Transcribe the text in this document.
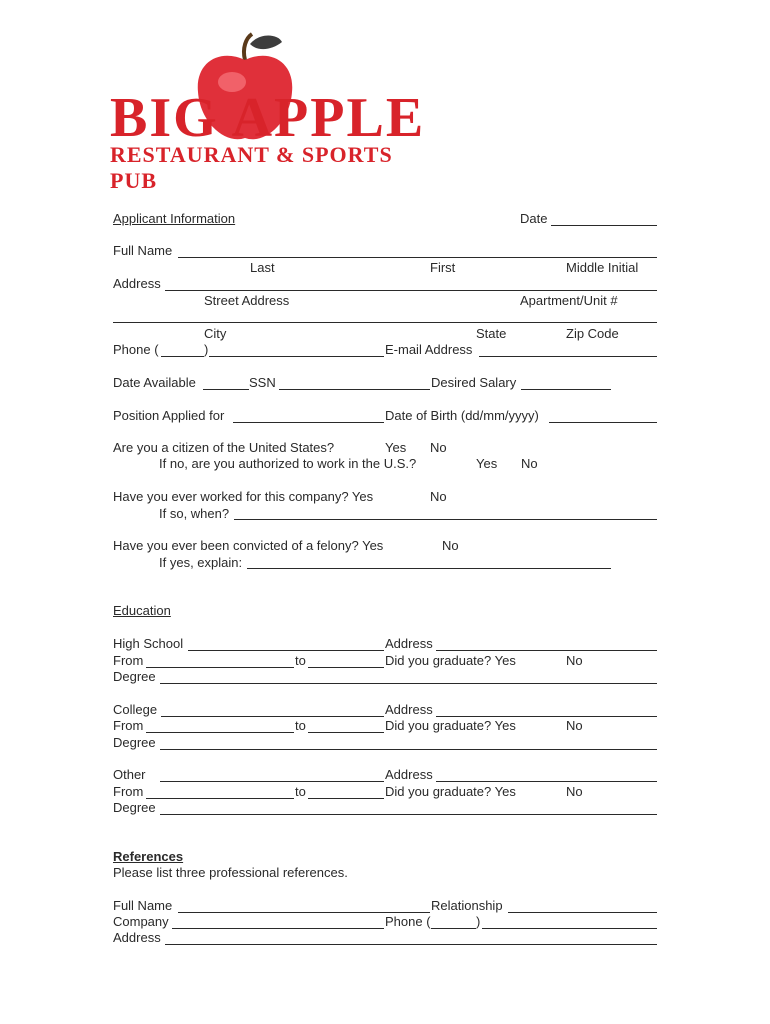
BIG APPLE
RESTAURANT & SPORTS PUB
Applicant Information	Date
Full Name
Last	First	Middle Initial
Address
Street Address	Apartment/Unit #
City	State	Zip Code
Phone (	)	E-mail Address
Date Available	SSN	Desired Salary
Position Applied for	Date of Birth (dd/mm/yyyy)
Are you a citizen of the United States?	Yes No
If no, are you authorized to work in the U.S.?	Yes No
Have you ever worked for this company? Yes	No
If so, when?
Have you ever been convicted of a felony? Yes	No
If yes, explain:
Education
High School	Address
From	to	Did you graduate? Yes	No
Degree
College	Address
From	to	Did you graduate? Yes	No
Degree
Other	Address
From	to	Did you graduate? Yes	No
Degree
References
Please list three professional references.
Full Name	Relationship
Company	Phone (	)
Address
